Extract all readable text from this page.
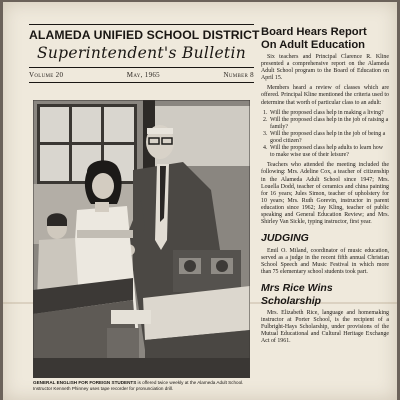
ALAMEDA UNIFIED SCHOOL DISTRICT
Superintendent's Bulletin
Volume 20	May, 1965	Number 8
GENERAL ENGLISH FOR FOREIGN STUDENTS is offered twice weekly at the Alameda Adult School. Instructor Kenneth Phinney uses tape recorder for pronunciation drill.
Board Hears Report
On Adult Education

Six teachers and Principal Clarence R. Kline presented a comprehensive report on the Alameda Adult School program to the Board of Education on April 15.

Members heard a review of classes which are offered. Principal Kline mentioned the criteria used to determine that worth of particular class to an adult:

1. Will the proposed class help in making a living?
2. Will the proposed class help in the job of raising a family?
3. Will the proposed class help in the job of being a good citizen?
4. Will the proposed class help adults to learn how to make wise use of their leisure?

Teachers who attended the meeting included the following: Mrs. Adeline Cox, a teacher of citizenship in the Alameda Adult School since 1947; Mrs. Louella Dodd, teacher of ceramics and china painting for 16 years; Jules Simon, teacher of upholstery for 10 years; Mrs. Ruth Gorevin, instructor in parent education since 1962; Jay Kling, teacher of public speaking and General Education Review; and Mrs. Shirley Van Sickle, typing instructor, first year.

JUDGING

Emil O. Miland, coordinator of music education, served as a judge in the recent fifth annual Christian School Speech and Music Festival in which more than 75 elementary school students took part.

Mrs Rice Wins
Scholarship

Mrs. Elizabeth Rice, language and homemaking instructor at Porter School, is the recipient of a Fulbright-Hays Scholarship, under provisions of the Mutual Educational and Cultural Heritage Exchange Act of 1961.
